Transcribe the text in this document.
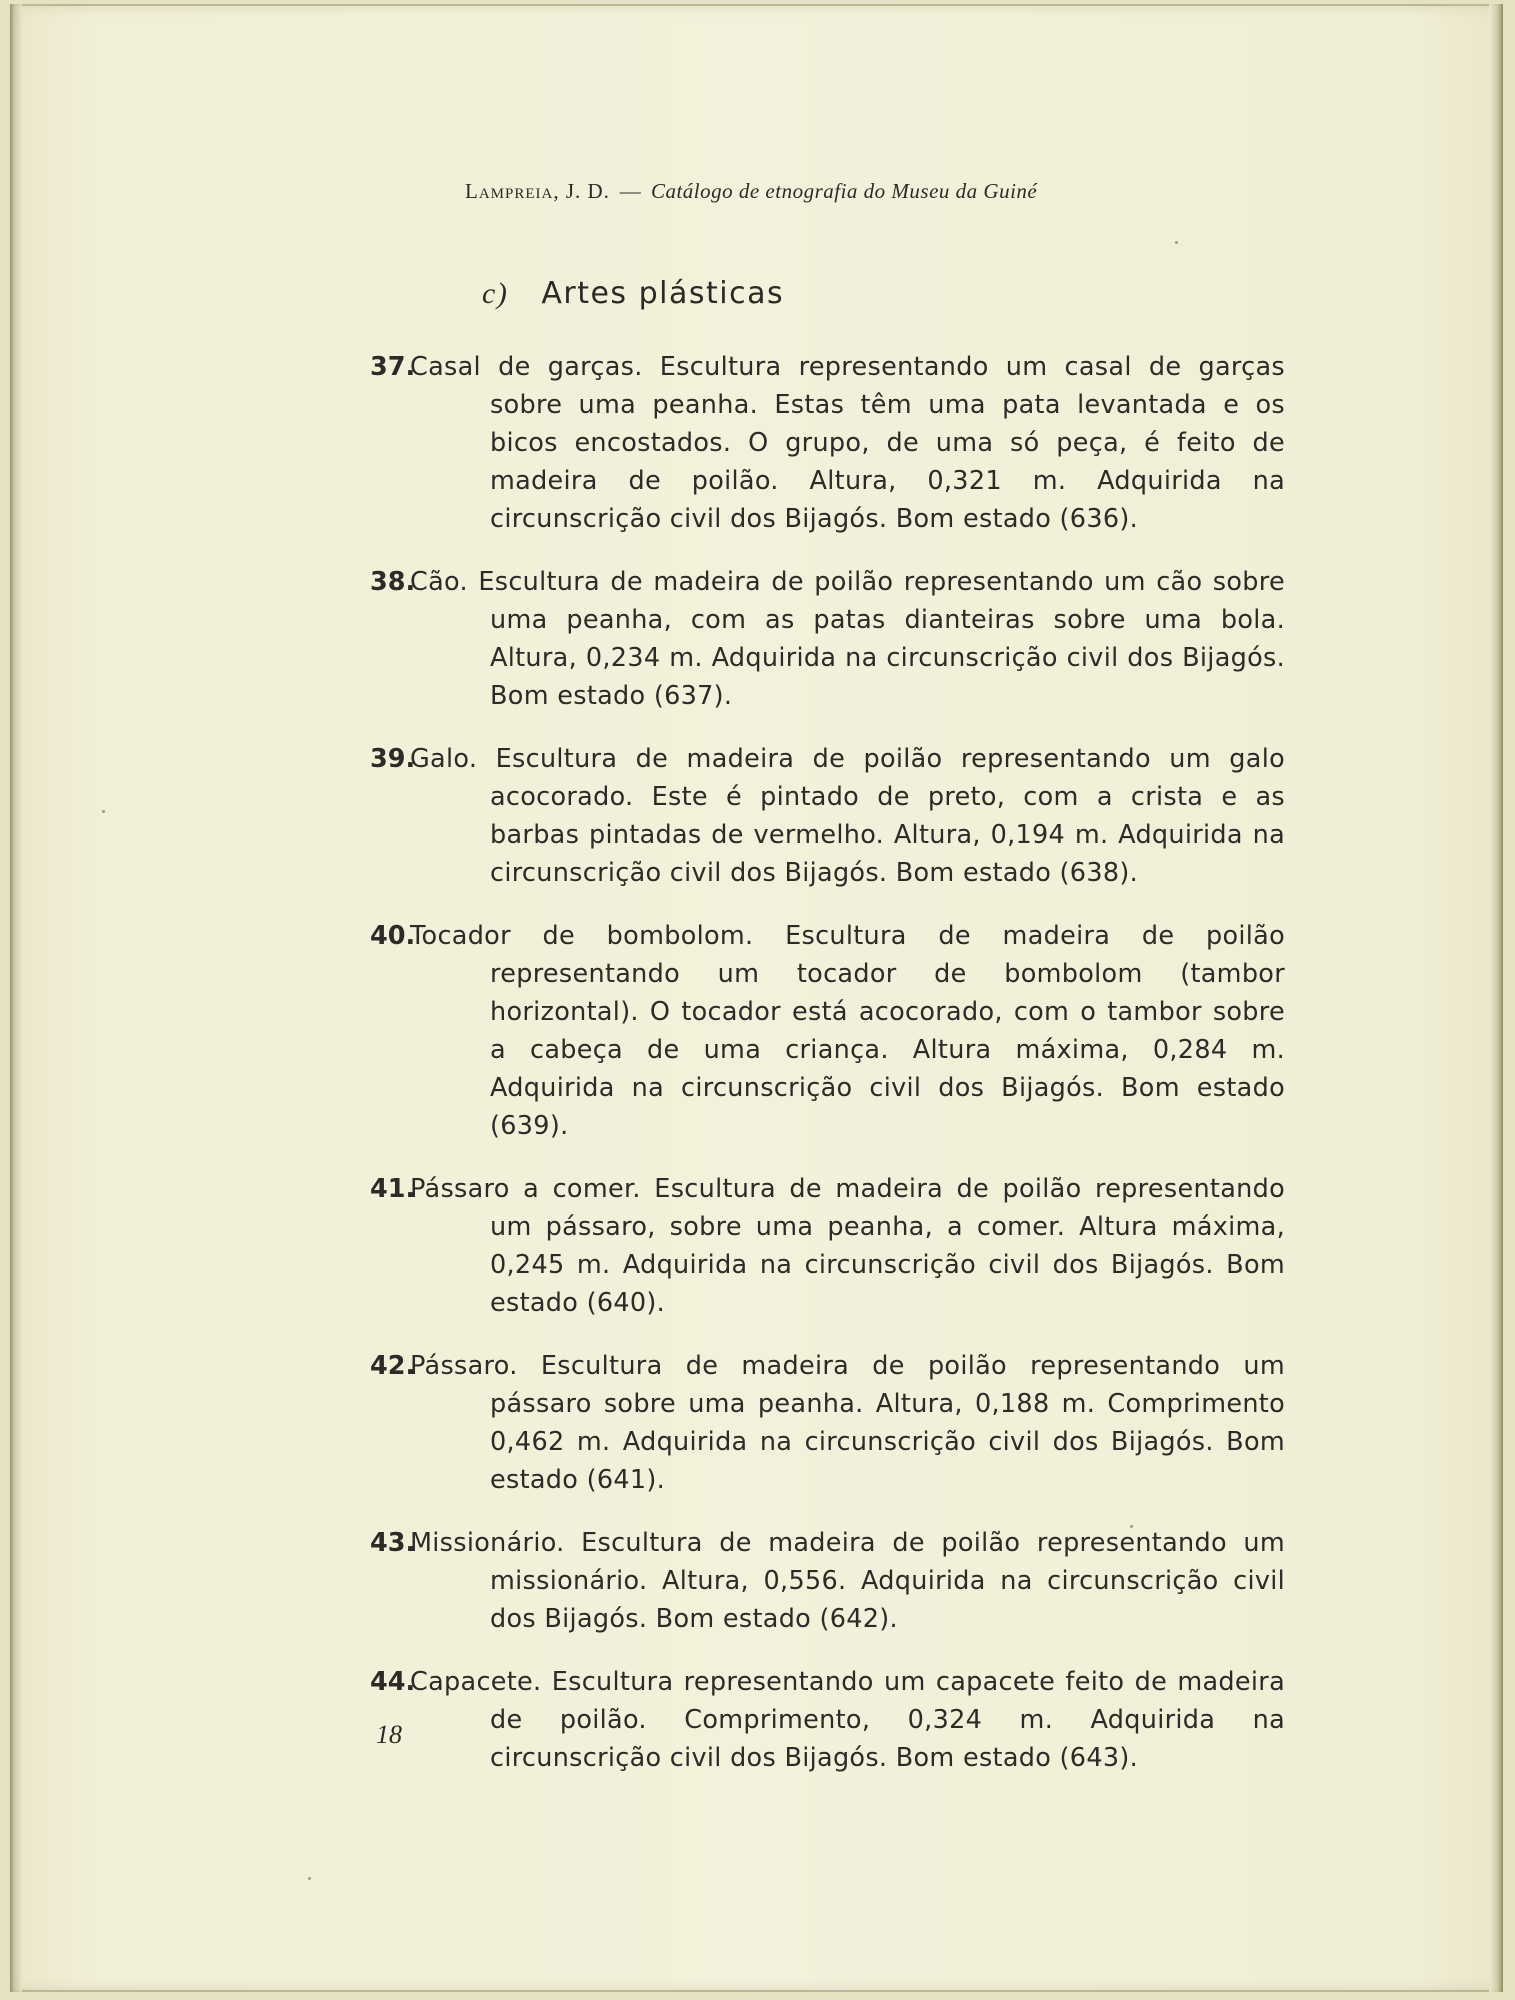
Lampreia, J. D. — Catálogo de etnografia do Museu da Guiné
c) Artes plásticas
37.
Casal de garças. Escultura representando um casal de garças sobre uma peanha. Estas têm uma pata levantada e os bicos encostados. O grupo, de uma só peça, é feito de madeira de poilão. Altura, 0,321 m. Adquirida na circunscrição civil dos Bijagós. Bom estado (636).
38.
Cão. Escultura de madeira de poilão representando um cão sobre uma peanha, com as patas dianteiras sobre uma bola. Altura, 0,234 m. Adquirida na circunscrição civil dos Bijagós. Bom estado (637).
39.
Galo. Escultura de madeira de poilão representando um galo acocorado. Este é pintado de preto, com a crista e as barbas pintadas de vermelho. Altura, 0,194 m. Adquirida na circunscrição civil dos Bijagós. Bom estado (638).
40.
Tocador de bombolom. Escultura de madeira de poilão representando um tocador de bombolom (tambor horizontal). O tocador está acocorado, com o tambor sobre a cabeça de uma criança. Altura máxima, 0,284 m. Adquirida na circunscrição civil dos Bijagós. Bom estado (639).
41.
Pássaro a comer. Escultura de madeira de poilão representando um pássaro, sobre uma peanha, a comer. Altura máxima, 0,245 m. Adquirida na circunscrição civil dos Bijagós. Bom estado (640).
42.
Pássaro. Escultura de madeira de poilão representando um pássaro sobre uma peanha. Altura, 0,188 m. Comprimento 0,462 m. Adquirida na circunscrição civil dos Bijagós. Bom estado (641).
43.
Missionário. Escultura de madeira de poilão representando um missionário. Altura, 0,556. Adquirida na circunscrição civil dos Bijagós. Bom estado (642).
44.
Capacete. Escultura representando um capacete feito de madeira de poilão. Comprimento, 0,324 m. Adquirida na circunscrição civil dos Bijagós. Bom estado (643).
18
